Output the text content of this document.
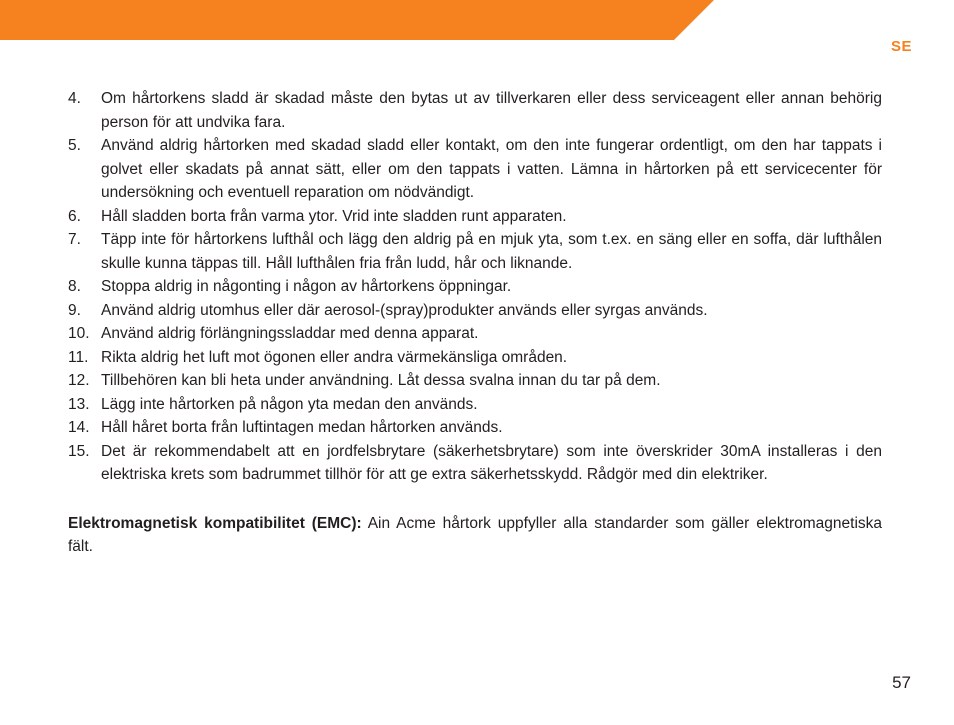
SE
4.	Om hårtorkens sladd är skadad måste den bytas ut av tillverkaren eller dess serviceagent eller annan behörig person för att undvika fara.
5.	Använd aldrig hårtorken med skadad sladd eller kontakt, om den inte fungerar ordentligt, om den har tappats i golvet eller skadats på annat sätt, eller om den tappats i vatten. Lämna in hårtorken på ett servicecenter för undersökning och eventuell reparation om nödvändigt.
6.	Håll sladden borta från varma ytor. Vrid inte sladden runt apparaten.
7.	Täpp inte för hårtorkens lufthål och lägg den aldrig på en mjuk yta, som t.ex. en säng eller en soffa, där lufthålen skulle kunna täppas till. Håll lufthålen fria från ludd, hår och liknande.
8.	Stoppa aldrig in någonting i någon av hårtorkens öppningar.
9.	Använd aldrig utomhus eller där aerosol-(spray)produkter används eller syrgas används.
10. Använd aldrig förlängningssladdar med denna apparat.
11. Rikta aldrig het luft mot ögonen eller andra värmekänsliga områden.
12. Tillbehören kan bli heta under användning. Låt dessa svalna innan du tar på dem.
13. Lägg inte hårtorken på någon yta medan den används.
14. Håll håret borta från luftintagen medan hårtorken används.
15. Det är rekommendabelt att en jordfelsbrytare (säkerhetsbrytare) som inte överskrider 30mA installeras i den elektriska krets som badrummet tillhör för att ge extra säkerhetsskydd. Rådgör med din elektriker.

Elektromagnetisk kompatibilitet (EMC): Ain Acme hårtork uppfyller alla standarder som gäller elektromagnetiska fält.

57
